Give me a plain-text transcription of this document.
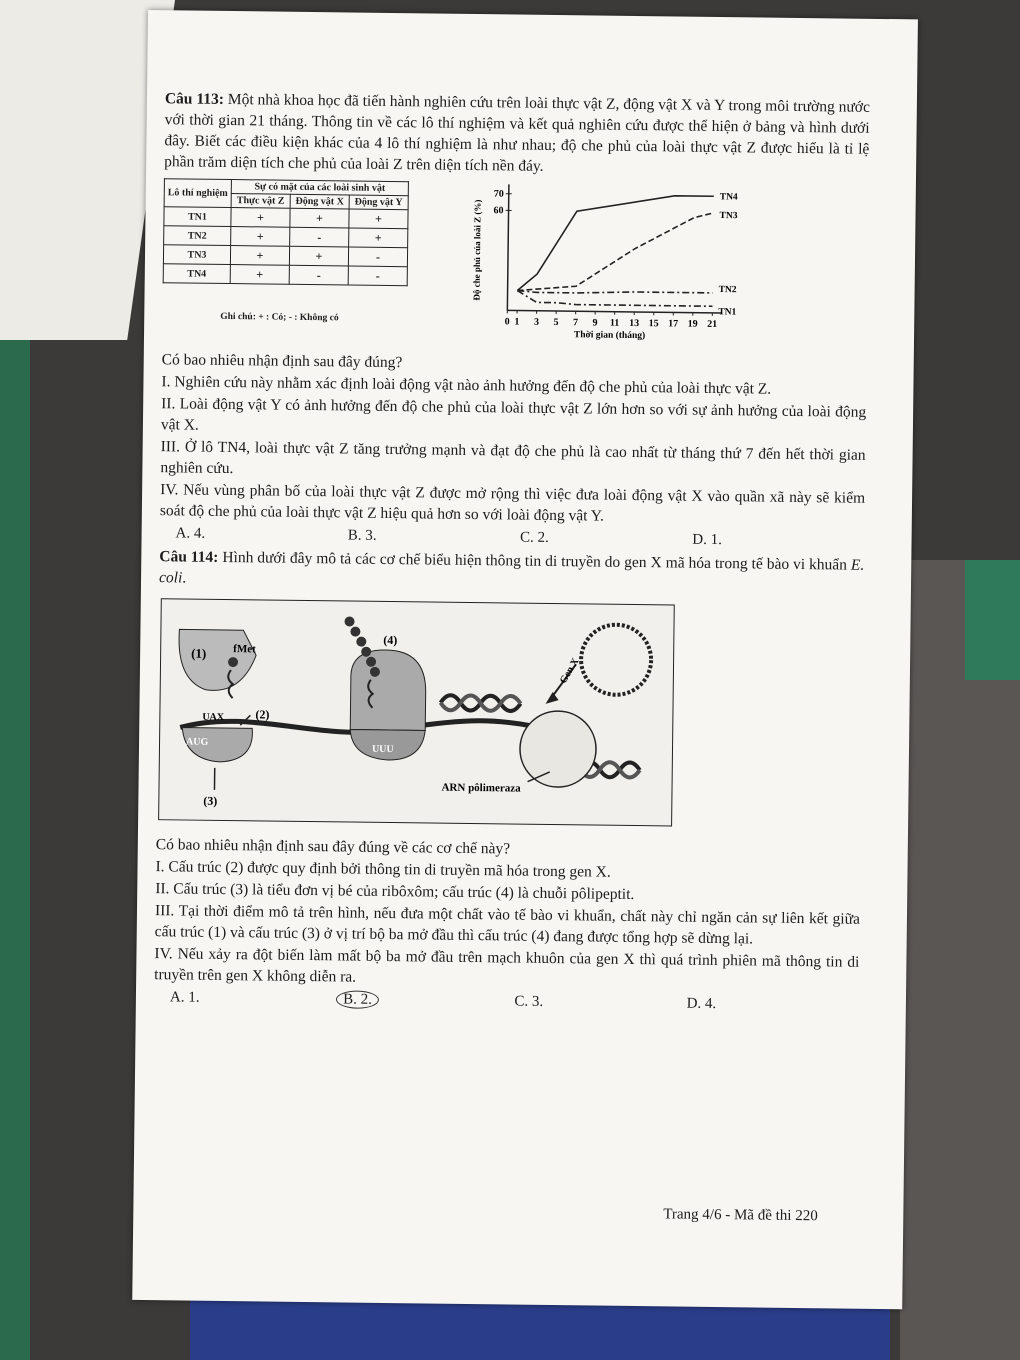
Câu 113: Một nhà khoa học đã tiến hành nghiên cứu trên loài thực vật Z, động vật X và Y trong môi trường nước với thời gian 21 tháng. Thông tin về các lô thí nghiệm và kết quả nghiên cứu được thể hiện ở bảng và hình dưới đây. Biết các điều kiện khác của 4 lô thí nghiệm là như nhau; độ che phủ của loài thực vật Z được hiểu là tỉ lệ phần trăm diện tích che phủ của loài Z trên diện tích nền đáy.

Lô thí nghiệm	Sự có mặt của các loài sinh vật		
	Thực vật Z	Động vật X	Động vật Y
TN1	+	+	+
TN2	+	-	+
TN3	+	+	-
TN4	+	-	-
Ghi chú: + : Có; - : Không có	0 1 3 5 7 9 11 13 15 17 19 21
60
70
Thời gian (tháng)
Độ che phủ của loài Z (%)
TN4
TN3
TN2
TN1

Có bao nhiêu nhận định sau đây đúng?

I. Nghiên cứu này nhằm xác định loài động vật nào ảnh hưởng đến độ che phủ của loài thực vật Z.

II. Loài động vật Y có ảnh hưởng đến độ che phủ của loài thực vật Z lớn hơn so với sự ảnh hưởng của loài động vật X.

III. Ở lô TN4, loài thực vật Z tăng trưởng mạnh và đạt độ che phủ là cao nhất từ tháng thứ 7 đến hết thời gian nghiên cứu.

IV. Nếu vùng phân bố của loài thực vật Z được mở rộng thì việc đưa loài động vật X vào quần xã này sẽ kiểm soát độ che phủ của loài thực vật Z hiệu quả hơn so với loài động vật Y.

A. 4.	B. 3.	C. 2.	D. 1.

Câu 114: Hình dưới đây mô tả các cơ chế biểu hiện thông tin di truyền do gen X mã hóa trong tế bào vi khuẩn E. coli.

(1) fMet
(2)
UAX
AUG
(3)
(4)
UUU
Gen X
ARN pôlimeraza

Có bao nhiêu nhận định sau đây đúng về các cơ chế này?

I. Cấu trúc (2) được quy định bởi thông tin di truyền mã hóa trong gen X.

II. Cấu trúc (3) là tiểu đơn vị bé của ribôxôm; cấu trúc (4) là chuỗi pôlipeptit.

III. Tại thời điểm mô tả trên hình, nếu đưa một chất vào tế bào vi khuẩn, chất này chỉ ngăn cản sự liên kết giữa cấu trúc (1) và cấu trúc (3) ở vị trí bộ ba mở đầu thì cấu trúc (4) đang được tổng hợp sẽ dừng lại.

IV. Nếu xảy ra đột biến làm mất bộ ba mở đầu trên mạch khuôn của gen X thì quá trình phiên mã thông tin di truyền trên gen X không diễn ra.

A. 1.	B. 2.	C. 3.	D. 4.
Trang 4/6 - Mã đề thi 220
